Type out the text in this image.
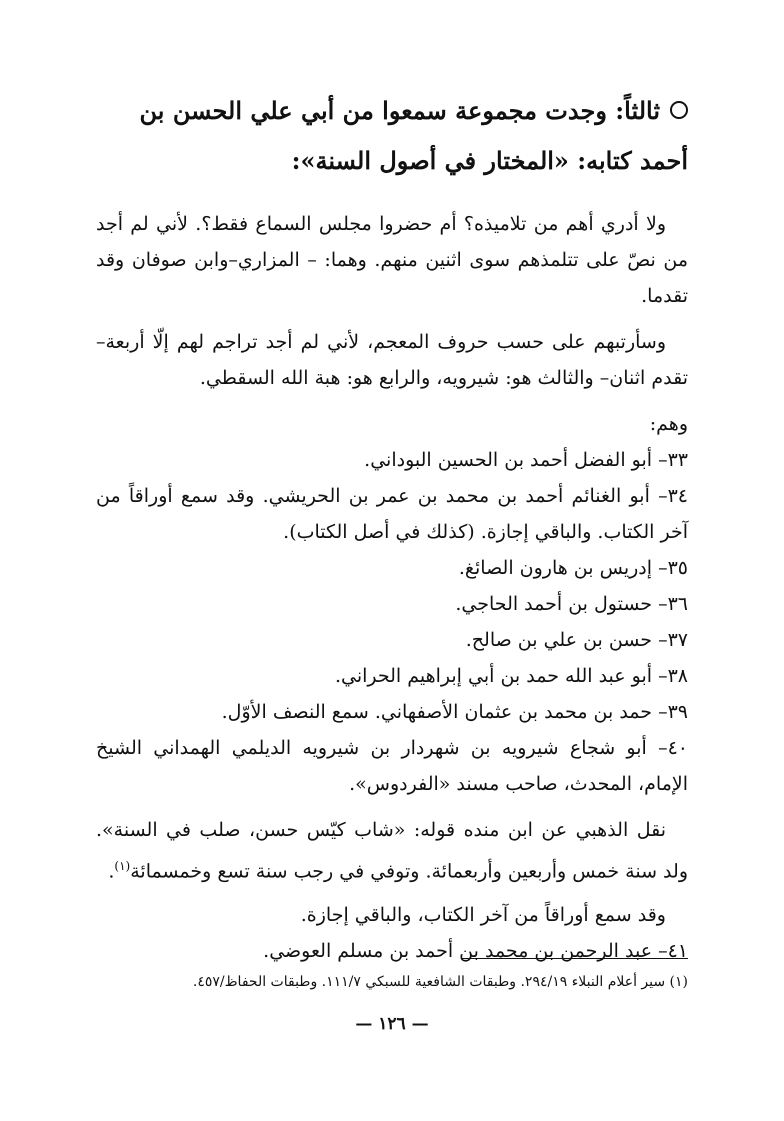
ثالثاً: وجدت مجموعة سمعوا من أبي علي الحسن بن أحمد كتابه: «المختار في أصول السنة»:

ولا أدري أهم من تلاميذه؟ أم حضروا مجلس السماع فقط؟. لأني لم أجد من نصّ على تتلمذهم سوى اثنين منهم. وهما: – المزاري–وابن صوفان وقد تقدما.

وسأرتبهم على حسب حروف المعجم، لأني لم أجد تراجم لهم إلّا أربعة– تقدم اثنان– والثالث هو: شيرويه، والرابع هو: هبة الله السقطي.

وهم:

٣٣– أبو الفضل أحمد بن الحسين البوداني.

٣٤– أبو الغنائم أحمد بن محمد بن عمر بن الحريشي. وقد سمع أوراقاً من آخر الكتاب. والباقي إجازة. (كذلك في أصل الكتاب).

٣٥– إدريس بن هارون الصائغ.

٣٦– حستول بن أحمد الحاجي.

٣٧– حسن بن علي بن صالح.

٣٨– أبو عبد الله حمد بن أبي إبراهيم الحراني.

٣٩– حمد بن محمد بن عثمان الأصفهاني. سمع النصف الأوّل.

٤٠– أبو شجاع شيرويه بن شهردار بن شيرويه الديلمي الهمداني الشيخ الإمام، المحدث، صاحب مسند «الفردوس».

نقل الذهبي عن ابن منده قوله: «شاب كيّس حسن، صلب في السنة». ولد سنة خمس وأربعين وأربعمائة. وتوفي في رجب سنة تسع وخمسمائة$^{(١)}$.

وقد سمع أوراقاً من آخر الكتاب، والباقي إجازة.

٤١– عبد الرحمن بن محمد بن أحمد بن مسلم العوضي.

(١) سير أعلام النبلاء ٢٩٤/١٩. وطبقات الشافعية للسبكي ١١١/٧. وطبقات الحفاظ/٤٥٧.
— ١٢٦ —
